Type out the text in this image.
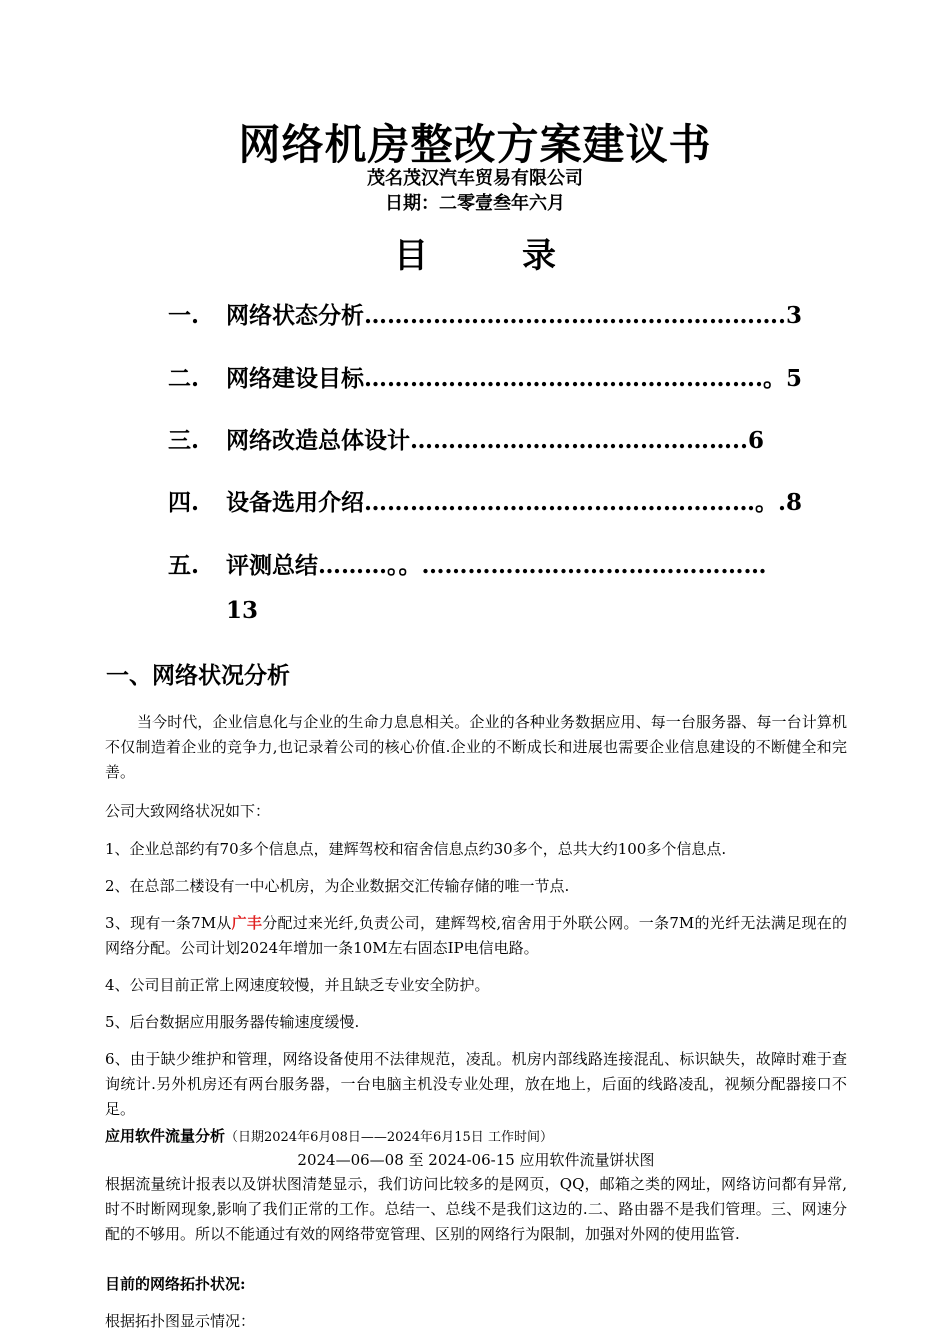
网络机房整改方案建议书
茂名茂汉汽车贸易有限公司
日期：二零壹叁年六月
目　录
一. 网络状态分析……………………………………………….3
二. 网络建设目标…………………………………………….。5
三. 网络改造总体设计……………………………………..6
四. 设备选用介绍……………………………………………。.8
五. 评测总结………。。………………………………………
13
一、网络状况分析
当今时代，企业信息化与企业的生命力息息相关。企业的各种业务数据应用、每一台服务器、每一台计算机不仅制造着企业的竞争力,也记录着公司的核心价值.企业的不断成长和进展也需要企业信息建设的不断健全和完善。
公司大致网络状况如下：
1、企业总部约有70多个信息点，建辉驾校和宿舍信息点约30多个，总共大约100多个信息点.
2、在总部二楼设有一中心机房，为企业数据交汇传输存储的唯一节点.
3、现有一条7M从广丰分配过来光纤,负责公司，建辉驾校,宿舍用于外联公网。一条7M的光纤无法满足现在的网络分配。公司计划2024年增加一条10M左右固态IP电信电路。
4、公司目前正常上网速度较慢，并且缺乏专业安全防护。
5、后台数据应用服务器传输速度缓慢.
6、由于缺少维护和管理，网络设备使用不法律规范，凌乱。机房内部线路连接混乱、标识缺失，故障时难于查询统计.另外机房还有两台服务器，一台电脑主机没专业处理，放在地上，后面的线路凌乱，视频分配器接口不足。
应用软件流量分析（日期2024年6月08日——2024年6月15日 工作时间）
2024—06—08 至 2024-06-15 应用软件流量饼状图
根据流量统计报表以及饼状图清楚显示，我们访问比较多的是网页，QQ，邮箱之类的网址，网络访问都有异常,时不时断网现象,影响了我们正常的工作。总结一、总线不是我们这边的.二、路由器不是我们管理。三、网速分配的不够用。所以不能通过有效的网络带宽管理、区别的网络行为限制，加强对外网的使用监管.
目前的网络拓扑状况:
根据拓扑图显示情况：
